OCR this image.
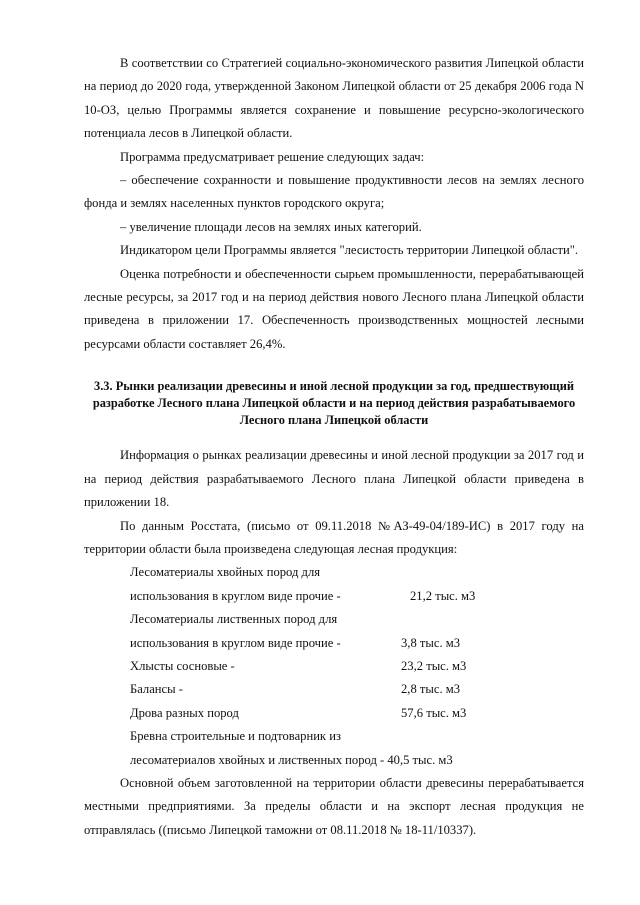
В соответствии со Стратегией социально-экономического развития Липецкой области на период до 2020 года, утвержденной Законом Липецкой области от 25 декабря 2006 года N 10-ОЗ, целью Программы является сохранение и повышение ресурсно-экологического потенциала лесов в Липецкой области.

Программа предусматривает решение следующих задач:

– обеспечение сохранности и повышение продуктивности лесов на землях лесного фонда и землях населенных пунктов городского округа;

– увеличение площади лесов на землях иных категорий.

Индикатором цели Программы является "лесистость территории Липецкой области".

Оценка потребности и обеспеченности сырьем промышленности, перерабатывающей лесные ресурсы, за 2017 год и на период действия нового Лесного плана Липецкой области приведена в приложении 17. Обеспеченность производственных мощностей лесными ресурсами области составляет 26,4%.

3.3. Рынки реализации древесины и иной лесной продукции за год, предшествующий разработке Лесного плана Липецкой области и на период действия разрабатываемого Лесного плана Липецкой области

Информация о рынках реализации древесины и иной лесной продукции за 2017 год и на период действия разрабатываемого Лесного плана Липецкой области приведена в приложении 18.

По данным Росстата, (письмо от 09.11.2018 №АЗ-49-04/189-ИС) в 2017 году на территории области была произведена следующая лесная продукция:

Лесоматериалы хвойных пород для
использования в круглом виде прочие -	21,2 тыс. м3
Лесоматериалы лиственных пород для
использования в круглом виде прочие -	3,8 тыс. м3
Хлысты сосновые -	23,2 тыс. м3
Балансы -	2,8 тыс. м3
Дрова разных пород	57,6 тыс. м3
Бревна строительные и подтоварник из
лесоматериалов хвойных и лиственных пород -
40,5 тыс. м3

Основной объем заготовленной на территории области древесины перерабатывается местными предприятиями. За пределы области и на экспорт лесная продукция не отправлялась ((письмо Липецкой таможни от 08.11.2018 № 18-11/10337).
